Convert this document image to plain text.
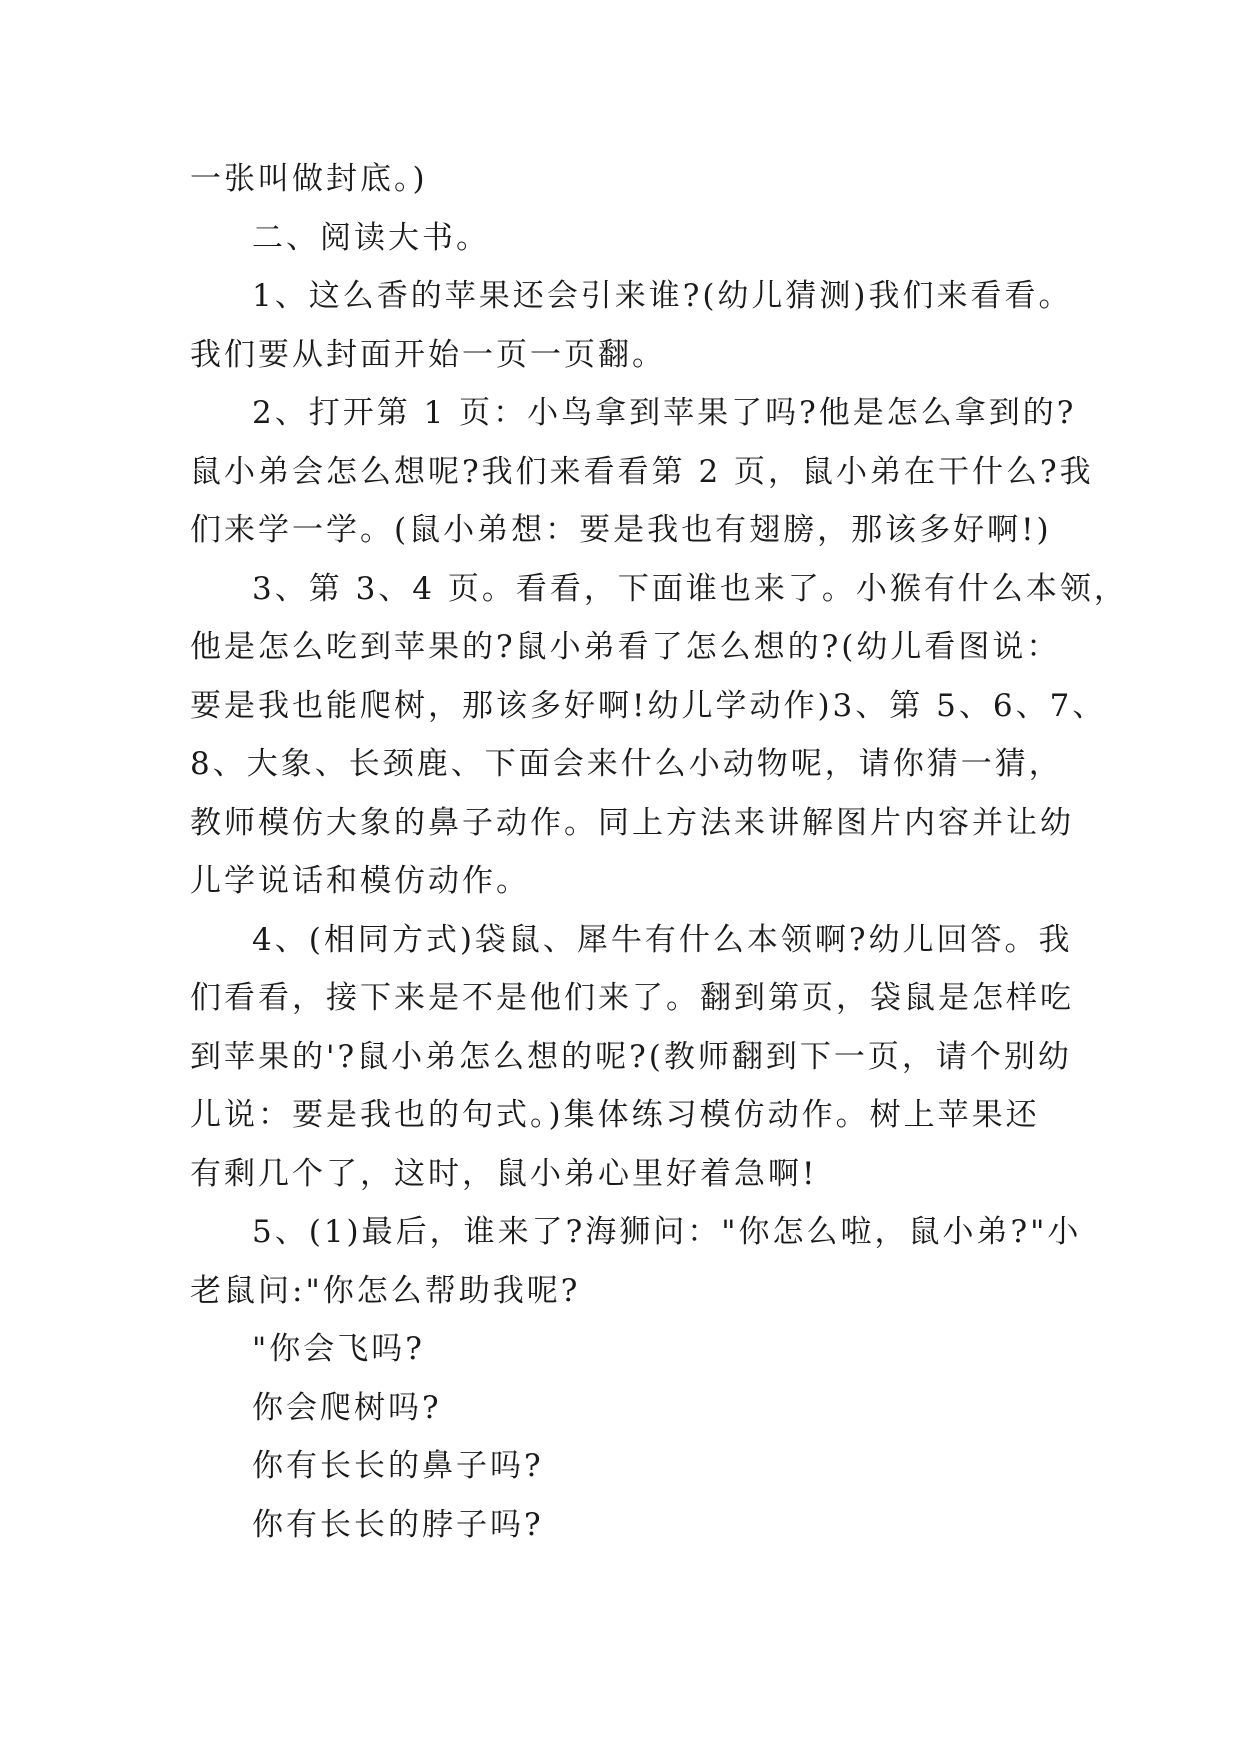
一张叫做封底。)
二、阅读大书。
1、这么香的苹果还会引来谁?(幼儿猜测)我们来看看。
我们要从封面开始一页一页翻。
2、打开第 1 页：小鸟拿到苹果了吗?他是怎么拿到的?
鼠小弟会怎么想呢?我们来看看第 2 页，鼠小弟在干什么?我
们来学一学。(鼠小弟想：要是我也有翅膀，那该多好啊!)
3、第 3、4 页。看看，下面谁也来了。小猴有什么本领，
他是怎么吃到苹果的?鼠小弟看了怎么想的?(幼儿看图说：
要是我也能爬树，那该多好啊!幼儿学动作)3、第 5、6、7、
8、大象、长颈鹿、下面会来什么小动物呢，请你猜一猜，
教师模仿大象的鼻子动作。同上方法来讲解图片内容并让幼
儿学说话和模仿动作。
4、(相同方式)袋鼠、犀牛有什么本领啊?幼儿回答。我
们看看，接下来是不是他们来了。翻到第页，袋鼠是怎样吃
到苹果的'?鼠小弟怎么想的呢?(教师翻到下一页，请个别幼
儿说：要是我也的句式。)集体练习模仿动作。树上苹果还
有剩几个了，这时，鼠小弟心里好着急啊!
5、(1)最后，谁来了?海狮问："你怎么啦，鼠小弟?"小
老鼠问:"你怎么帮助我呢?
"你会飞吗?
你会爬树吗?
你有长长的鼻子吗?
你有长长的脖子吗?
